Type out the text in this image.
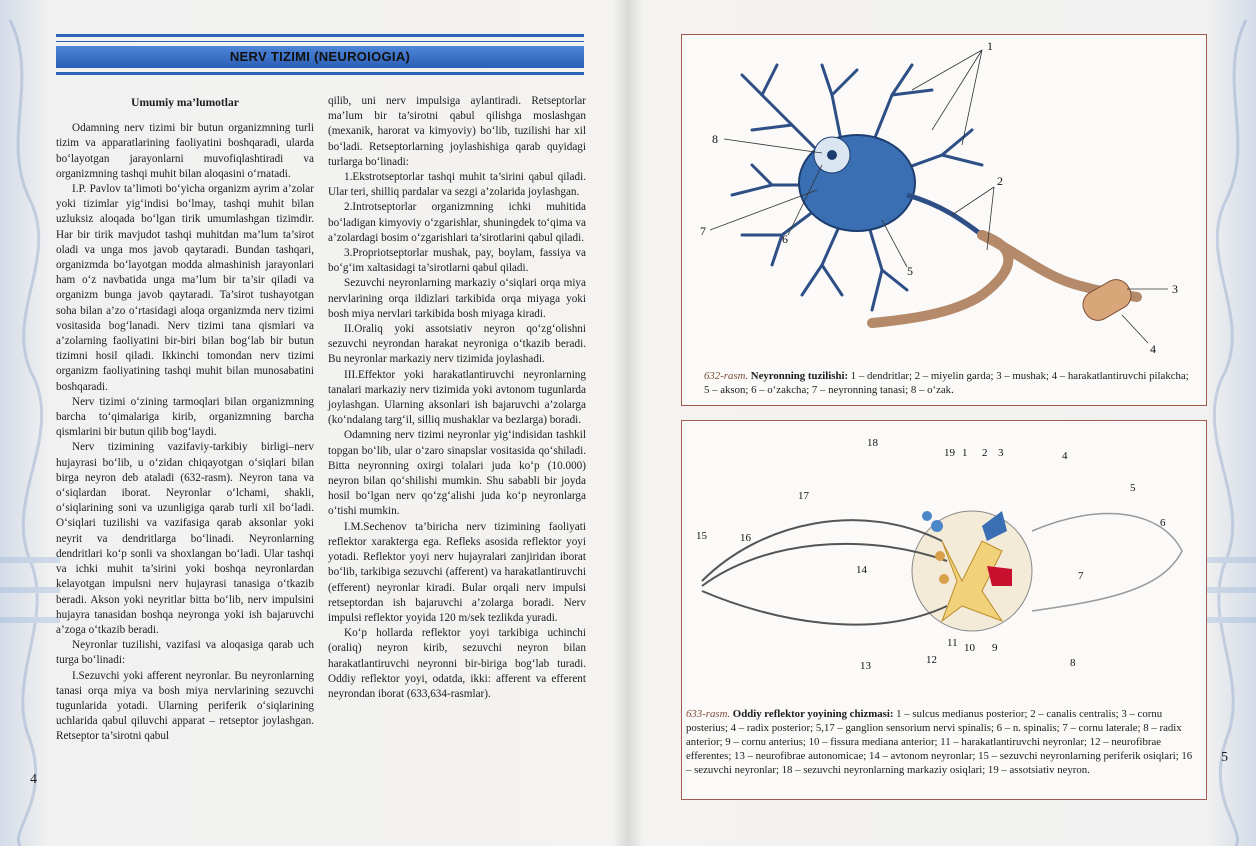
NERV TIZIMI (NEUROIOGIA)

Umumiy ma’lumotlar

Odamning nerv tizimi bir butun organizmning turli tizim va apparatlarining faoliyatini boshqaradi, ularda bo‘layotgan jarayonlarni muvofiqlashtiradi va organizmning tashqi muhit bilan aloqasini o‘rnatadi.

I.P. Pavlov ta’limoti bo‘yicha organizm ayrim a’zolar yoki tizimlar yig‘indisi bo‘lmay, tashqi muhit bilan uzluksiz aloqada bo‘lgan tirik umumlashgan tizimdir. Har bir tirik mavjudot tashqi muhitdan ma’lum ta’sirot oladi va unga mos javob qaytaradi. Bundan tashqari, organizmda bo‘layotgan modda almashinish jarayonlari ham o‘z navbatida unga ma’lum bir ta’sir qiladi va organizm bunga javob qaytaradi. Ta’sirot tushayotgan soha bilan a’zo o‘rtasidagi aloqa organizmda nerv tizimi vositasida bog‘lanadi. Nerv tizimi tana qismlari va a’zolarning faoliyatini bir-biri bilan bog‘lab bir butun tizimni hosil qiladi. Ikkinchi tomondan nerv tizimi organizm faoliyatining tashqi muhit bilan munosabatini boshqaradi.

Nerv tizimi o‘zining tarmoqlari bilan organizmning barcha to‘qimalariga kirib, organizmning barcha qismlarini bir butun qilib bog‘laydi.

Nerv tizimining vazifaviy-tarkibiy birligi–nerv hujayrasi bo‘lib, u o‘zidan chiqayotgan o‘siqlari bilan birga neyron deb ataladi (632-rasm). Neyron tana va o‘siqlardan iborat. Neyronlar o‘lchami, shakli, o‘siqlarining soni va uzunligiga qarab turli xil bo‘ladi. O‘siqlari tuzilishi va vazifasiga qarab aksonlar yoki neyrit va dendritlarga bo‘linadi. Neyronlarning dendritlari ko‘p sonli va shoxlangan bo‘ladi. Ular tashqi va ichki muhit ta’sirini yoki boshqa neyronlardan kelayotgan impulsni nerv hujayrasi tanasiga o‘tkazib beradi. Akson yoki neyritlar bitta bo‘lib, nerv impulsini hujayra tanasidan boshqa neyronga yoki ish bajaruvchi a’zoga o‘tkazib beradi.

Neyronlar tuzilishi, vazifasi va aloqasiga qarab uch turga bo‘linadi:

I.Sezuvchi yoki afferent neyronlar. Bu neyronlarning tanasi orqa miya va bosh miya nervlarining sezuvchi tugunlarida yotadi. Ularning periferik o‘siqlarining uchlarida qabul qiluvchi apparat – retseptor joylashgan. Retseptor ta’sirotni qabul

qilib, uni nerv impulsiga aylantiradi. Retseptorlar ma’lum bir ta’sirotni qabul qilishga moslashgan (mexanik, harorat va kimyoviy) bo‘lib, tuzilishi har xil bo‘ladi. Retseptorlarning joylashishiga qarab quyidagi turlarga bo‘linadi:

1.Ekstrotseptorlar tashqi muhit ta’sirini qabul qiladi. Ular teri, shilliq pardalar va sezgi a’zolarida joylashgan.

2.Introtseptorlar organizmning ichki muhitida bo‘ladigan kimyoviy o‘zgarishlar, shuningdek to‘qima va a’zolardagi bosim o‘zgarishlari ta’sirotlarini qabul qiladi.

3.Propriotseptorlar mushak, pay, boylam, fassiya va bo‘g‘im xaltasidagi ta’sirotlarni qabul qiladi.

Sezuvchi neyronlarning markaziy o‘siqlari orqa miya nervlarining orqa ildizlari tarkibida orqa miyaga yoki bosh miya nervlari tarkibida bosh miyaga kiradi.

II.Oraliq yoki assotsiativ neyron qo‘zg‘olishni sezuvchi neyrondan harakat neyroniga o‘tkazib beradi. Bu neyronlar markaziy nerv tizimida joylashadi.

III.Effektor yoki harakatlantiruvchi neyronlarning tanalari markaziy nerv tizimida yoki avtonom tugunlarda joylashgan. Ularning aksonlari ish bajaruvchi a’zolarga (ko‘ndalang targ‘il, silliq mushaklar va bezlarga) boradi.

Odamning nerv tizimi neyronlar yig‘indisidan tashkil topgan bo‘lib, ular o‘zaro sinapslar vositasida qo‘shiladi. Bitta neyronning oxirgi tolalari juda ko‘p (10.000) neyron bilan qo‘shilishi mumkin. Shu sababli bir joyda hosil bo‘lgan nerv qo‘zg‘alishi juda ko‘p neyronlarga o‘tishi mumkin.

I.M.Sechenov ta’biricha nerv tizimining faoliyati reflektor xarakterga ega. Refleks asosida reflektor yoyi yotadi. Reflektor yoyi nerv hujayralari zanjiridan iborat bo‘lib, tarkibiga sezuvchi (afferent) va harakatlantiruvchi (efferent) neyronlar kiradi. Bular orqali nerv impulsi retseptordan ish bajaruvchi a’zolarga boradi. Nerv impulsi reflektor yoyida 120 m/sek tezlikda yuradi.

Ko‘p hollarda reflektor yoyi tarkibiga uchinchi (oraliq) neyron kirib, sezuvchi neyron bilan harakatlantiruvchi neyronni bir-biriga bog‘lab turadi. Oddiy reflektor yoyi, odatda, ikki: afferent va efferent neyrondan iborat (633,634-rasmlar).

4
5
1
2
3
4
5
6
7
8
632-rasm. Neyronning tuzilishi: 1 – dendritlar; 2 – miyelin garda; 3 – mushak; 4 – harakatlantiruvchi pilakcha; 5 – akson; 6 – o‘zakcha; 7 – neyronning tanasi; 8 – o‘zak.
18
19 1 2 3	4
5
6
17
15	16
14	7
13	12
11 10 9
8
633-rasm. Oddiy reflektor yoyining chizmasi: 1 – sulcus medianus posterior; 2 – canalis centralis; 3 – cornu posterius; 4 – radix posterior; 5,17 – ganglion sensorium nervi spinalis; 6 – n. spinalis; 7 – cornu laterale; 8 – radix anterior; 9 – cornu anterius; 10 – fissura mediana anterior; 11 – harakatlantiruvchi neyronlar; 12 – neurofibrae efferentes; 13 – neurofibrae autonomicae; 14 – avtonom neyronlar; 15 – sezuvchi neyronlarning periferik osiqlari; 16 – sezuvchi neyronlar; 18 – sezuvchi neyronlarning markaziy osiqlari; 19 – assotsiativ neyron.
